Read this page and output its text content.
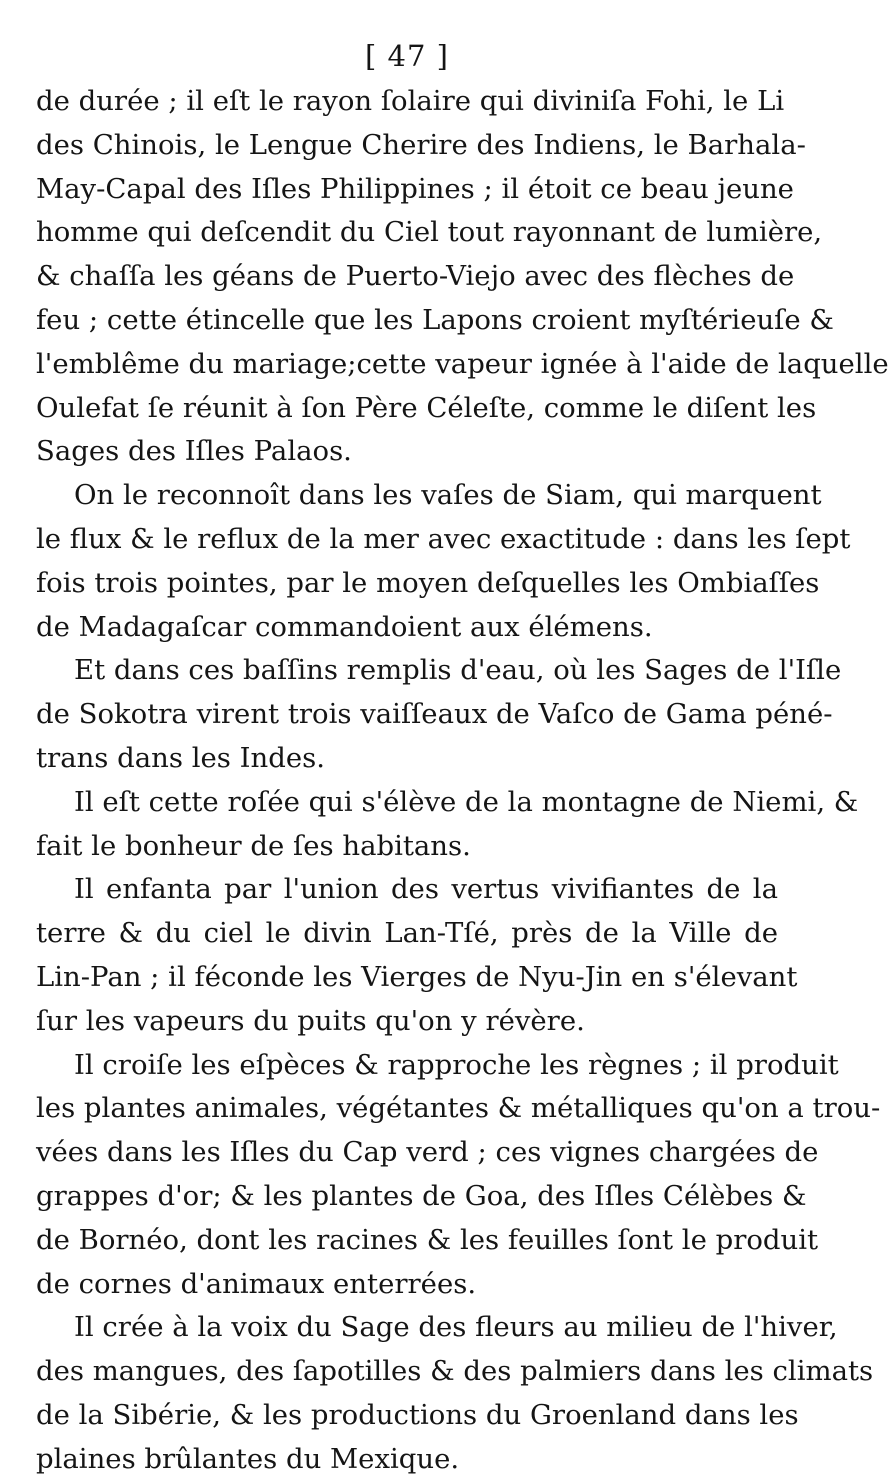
[ 47 ]
de durée ; il eſt le rayon ſolaire qui diviniſa Fohi, le Li
des Chinois, le Lengue Cherire des Indiens, le Barhala-
May-Capal des Iſles Philippines ; il étoit ce beau jeune
homme qui deſcendit du Ciel tout rayonnant de lumière,
& chaſſa les géans de Puerto-Viejo avec des flèches de
feu ; cette étincelle que les Lapons croient myſtérieuſe &
l'emblême du mariage;cette vapeur ignée à l'aide de laquelle
Oulefat ſe réunit à ſon Père Céleſte, comme le diſent les
Sages des Iſles Palaos.
On le reconnoît dans les vaſes de Siam, qui marquent
le flux & le reflux de la mer avec exactitude : dans les ſept
fois trois pointes, par le moyen deſquelles les Ombiaſſes
de Madagaſcar commandoient aux élémens.
Et dans ces baſſins remplis d'eau, où les Sages de l'Iſle
de Sokotra virent trois vaiſſeaux de Vaſco de Gama péné-
trans dans les Indes.
Il eſt cette roſée qui s'élève de la montagne de Niemi, &
fait le bonheur de ſes habitans.
Il enfanta par l'union des vertus vivifiantes de la
terre & du ciel le divin Lan-Tſé, près de la Ville de
Lin-Pan ; il féconde les Vierges de Nyu-Jin en s'élevant
ſur les vapeurs du puits qu'on y révère.
Il croiſe les eſpèces & rapproche les règnes ; il produit
les plantes animales, végétantes & métalliques qu'on a trou-
vées dans les Iſles du Cap verd ; ces vignes chargées de
grappes d'or; & les plantes de Goa, des Iſles Célèbes &
de Bornéo, dont les racines & les feuilles ſont le produit
de cornes d'animaux enterrées.
Il crée à la voix du Sage des fleurs au milieu de l'hiver,
des mangues, des ſapotilles & des palmiers dans les climats
de la Sibérie, & les productions du Groenland dans les
plaines brûlantes du Mexique.
